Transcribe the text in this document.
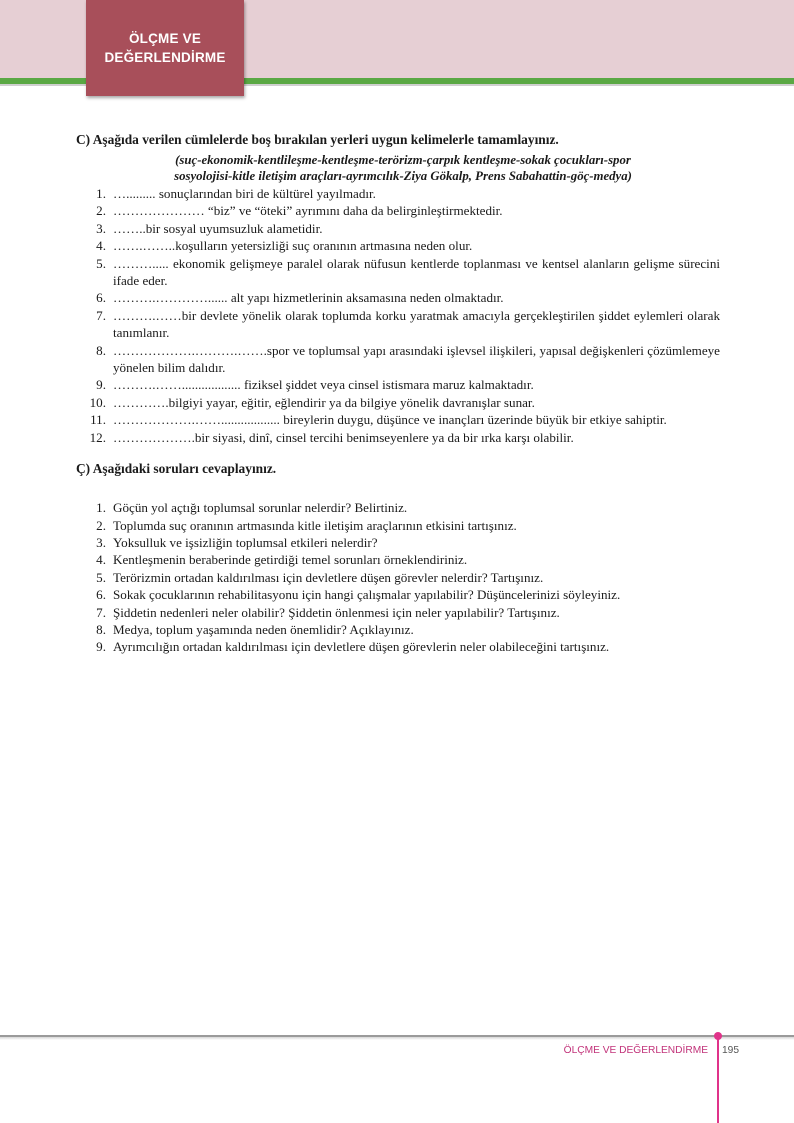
ÖLÇME VE
DEĞERLENDİRME
C) Aşağıda verilen cümlelerde boş bırakılan yerleri uygun kelimelerle tamamlayınız.
(suç-ekonomik-kentlileşme-kentleşme-terörizm-çarpık kentleşme-sokak çocukları-spor
sosyolojisi-kitle iletişim araçları-ayrımcılık-Ziya Gökalp, Prens Sabahattin-göç-medya)
1. …......... sonuçlarından biri de kültürel yayılmadır.
2. ………………… “biz” ve “öteki” ayrımını daha da belirginleştirmektedir.
3. ……..bir sosyal uyumsuzluk alametidir.
4. …….……..koşulların yetersizliği suç oranının artmasına neden olur.
5. ………..... ekonomik gelişmeye paralel olarak nüfusun kentlerde toplanması ve kentsel alanların gelişme sürecini ifade eder.
6. ……….…………...... alt yapı hizmetlerinin aksamasına neden olmaktadır.
7. ……….……bir devlete yönelik olarak toplumda korku yaratmak amacıyla gerçekleştirilen şiddet eylemleri olarak tanımlanır.
8. ……………….……….…….spor ve toplumsal yapı arasındaki işlevsel ilişkileri, yapısal değişkenleri çözümlemeye yönelen bilim dalıdır.
9. ……….…….................. fiziksel şiddet veya cinsel istismara maruz kalmaktadır.
10. ………….bilgiyi yayar, eğitir, eğlendirir ya da bilgiye yönelik davranışlar sunar.
11. ……………….…….................. bireylerin duygu, düşünce ve inançları üzerinde büyük bir etkiye sahiptir.
12. ……………….bir siyasi, dinî, cinsel tercihi benimseyenlere ya da bir ırka karşı olabilir.
Ç) Aşağıdaki soruları cevaplayınız.
1. Göçün yol açtığı toplumsal sorunlar nelerdir? Belirtiniz.
2. Toplumda suç oranının artmasında kitle iletişim araçlarının etkisini tartışınız.
3. Yoksulluk ve işsizliğin toplumsal etkileri nelerdir?
4. Kentleşmenin beraberinde getirdiği temel sorunları örneklendiriniz.
5. Terörizmin ortadan kaldırılması için devletlere düşen görevler nelerdir? Tartışınız.
6. Sokak çocuklarının rehabilitasyonu için hangi çalışmalar yapılabilir? Düşüncelerinizi söyleyiniz.
7. Şiddetin nedenleri neler olabilir? Şiddetin önlenmesi için neler yapılabilir? Tartışınız.
8. Medya, toplum yaşamında neden önemlidir? Açıklayınız.
9. Ayrımcılığın ortadan kaldırılması için devletlere düşen görevlerin neler olabileceğini tartışınız.
ÖLÇME VE DEĞERLENDİRME 195
